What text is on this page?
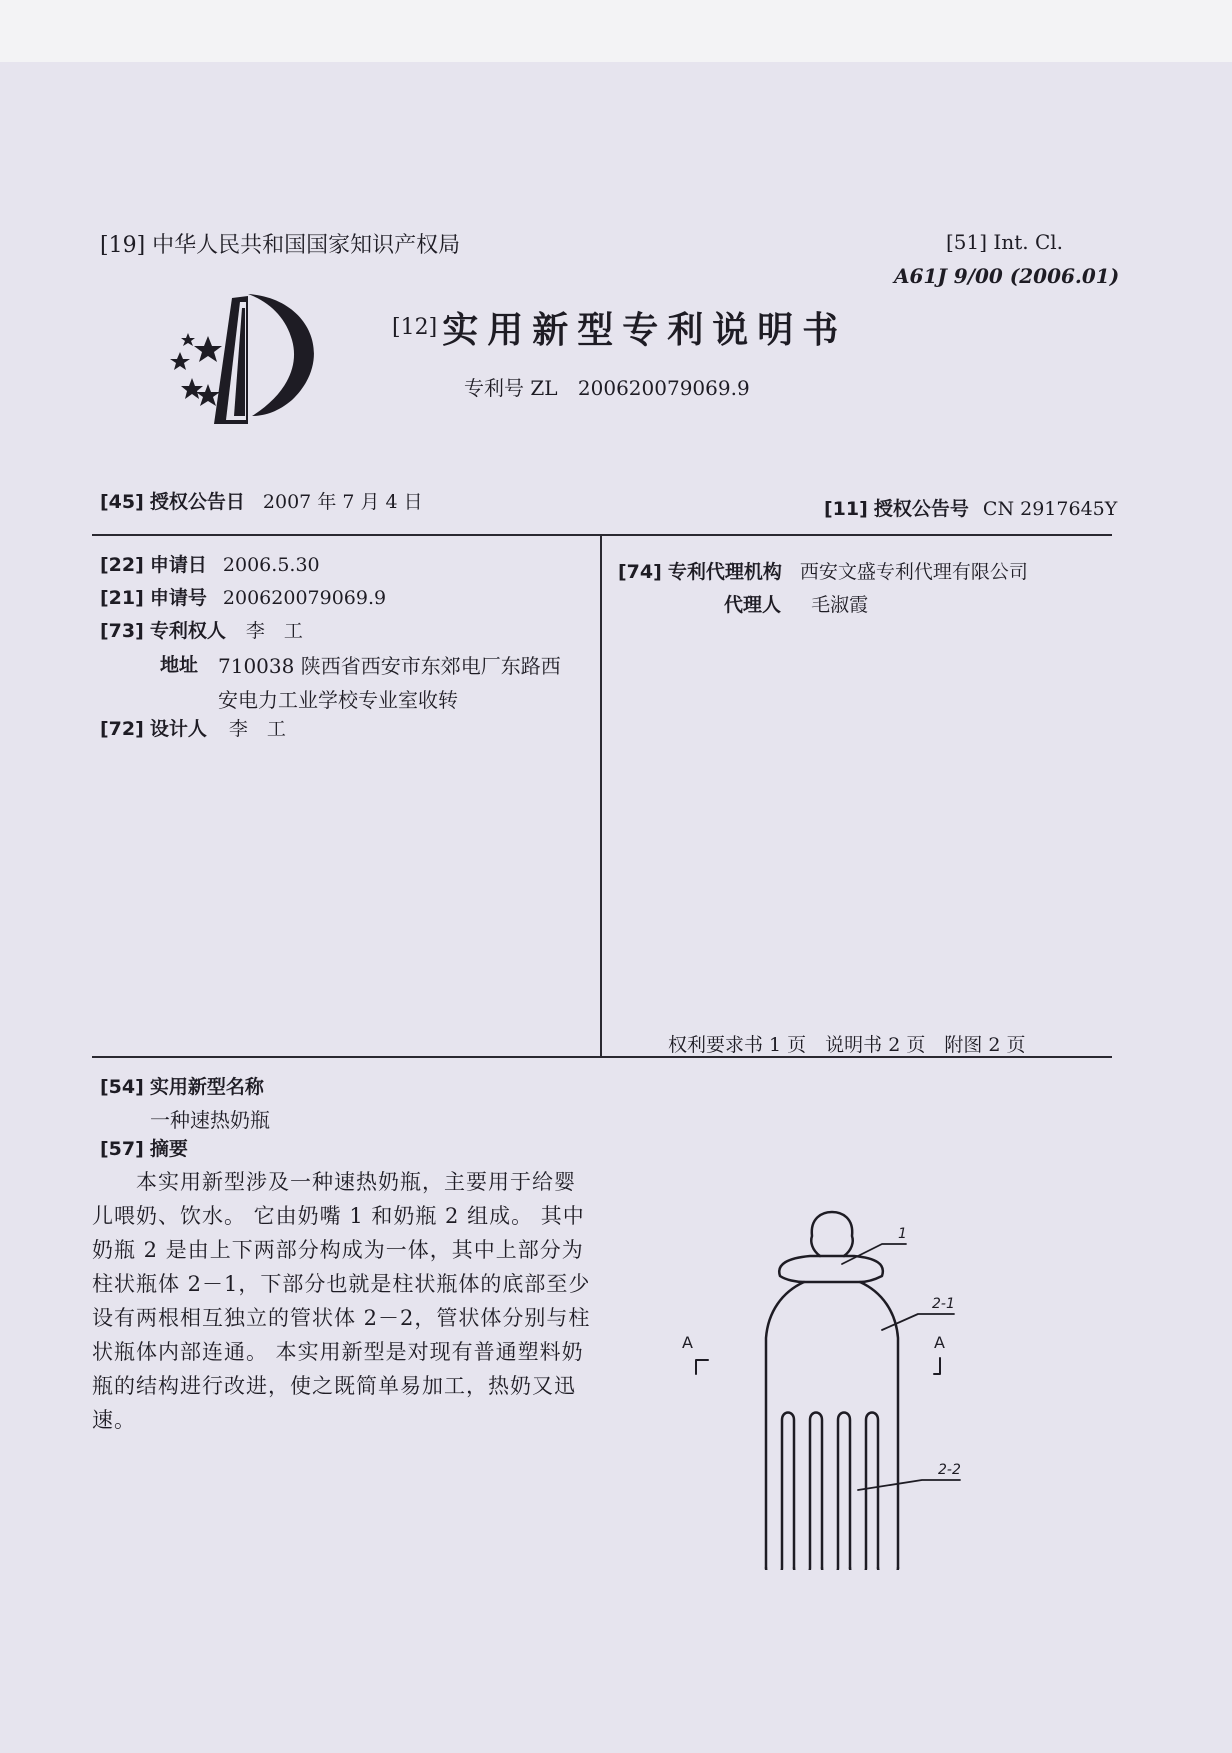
[19] 中华人民共和国国家知识产权局	[51] Int. Cl.
A61J 9/00 (2006.01)
[12] 实用新型专利说明书
专利号 ZL 200620079069.9
[45] 授权公告日 2007 年 7 月 4 日	[11] 授权公告号 CN 2917645Y
[22] 申请日 2006.5.30
[21] 申请号 200620079069.9
[73] 专利权人 李　工
地址 710038 陕西省西安市东郊电厂东路西
安电力工业学校专业室收转
[72] 设计人 李　工
[74] 专利代理机构 西安文盛专利代理有限公司
代理人 毛淑霞
权利要求书 1 页　说明书 2 页　附图 2 页
[54] 实用新型名称
一种速热奶瓶
[57] 摘要
　　本实用新型涉及一种速热奶瓶，主要用于给婴
儿喂奶、饮水。 它由奶嘴 1 和奶瓶 2 组成。 其中
奶瓶 2 是由上下两部分构成为一体，其中上部分为
柱状瓶体 2－1，下部分也就是柱状瓶体的底部至少
设有两根相互独立的管状体 2－2，管状体分别与柱
状瓶体内部连通。 本实用新型是对现有普通塑料奶
瓶的结构进行改进，使之既简单易加工，热奶又迅
速。
1
2-1
2-2
A	A
